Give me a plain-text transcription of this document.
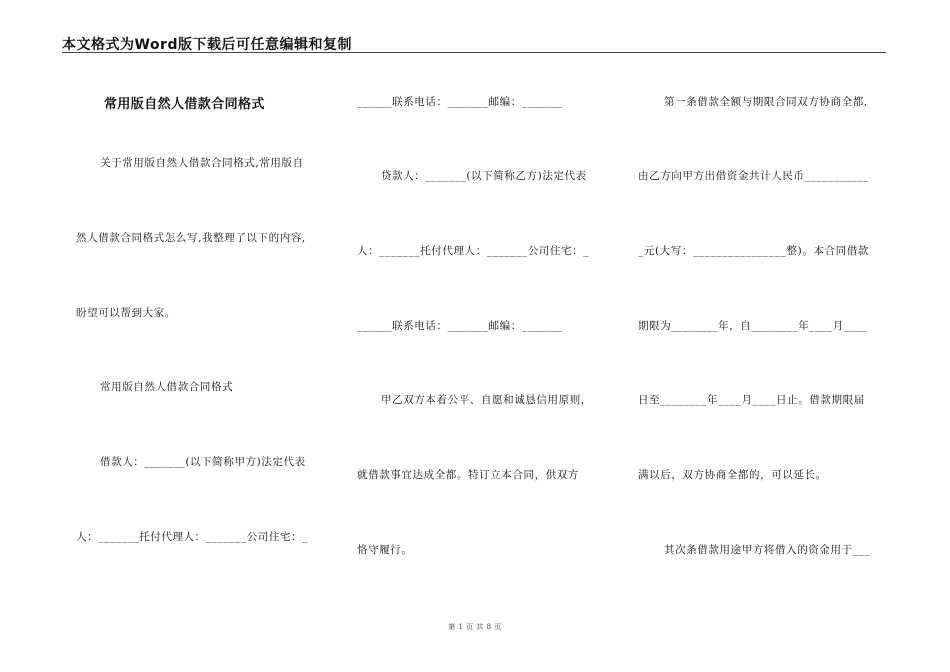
本文格式为Word版下载后可任意编辑和复制
常用版自然人借款合同格式
关于常用版自然人借款合同格式,常用版自
然人借款合同格式怎么写,我整理了以下的内容,
盼望可以帮到大家。
常用版自然人借款合同格式
借款人：_______(以下简称甲方)法定代表
人：_______托付代理人：_______公司住宅：_
______联系电话：_______邮编：_______
贷款人：_______(以下简称乙方)法定代表
人：_______托付代理人：_______公司住宅：_
______联系电话：_______邮编：_______
甲乙双方本着公平、自愿和诚恳信用原则，
就借款事宜达成全都。特订立本合同，供双方
恪守履行。
第一条借款全额与期限合同双方协商全都，
由乙方向甲方出借资金共计人民币___________
_元(大写：________________整)。本合同借款
期限为________年，自________年____月____
日至________年____月____日止。借款期限届
满以后，双方协商全都的，可以延长。
其次条借款用途甲方将借入的资金用于___
第 1 页 共 8 页
